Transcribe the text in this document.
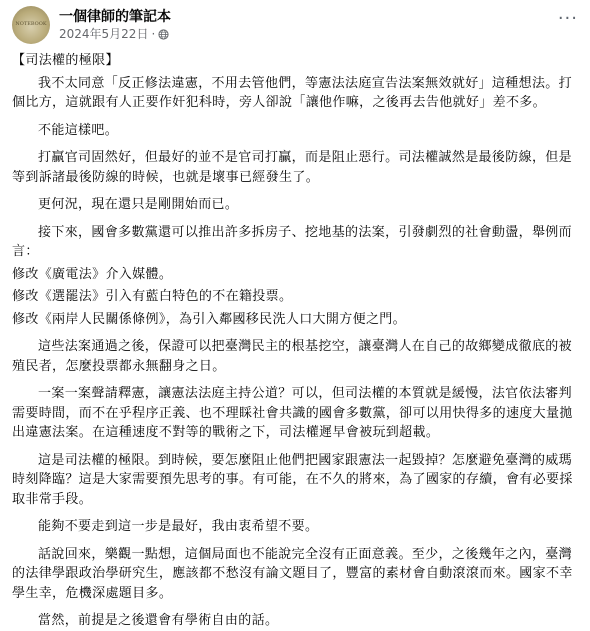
NOTEBOOK 一個律師的筆記本
2024年5月22日 ·
···

【司法權的極限】

我不太同意「反正修法違憲，不用去管他們，等憲法法庭宣告法案無效就好」這種想法。打個比方，這就跟有人正要作奸犯科時，旁人卻說「讓他作嘛，之後再去告他就好」差不多。

不能這樣吧。

打贏官司固然好，但最好的並不是官司打贏，而是阻止惡行。司法權誠然是最後防線，但是等到訴諸最後防線的時候，也就是壞事已經發生了。

更何況，現在還只是剛開始而已。

接下來，國會多數黨還可以推出許多拆房子、挖地基的法案，引發劇烈的社會動盪，舉例而言：

修改《廣電法》介入媒體。

修改《選罷法》引入有藍白特色的不在籍投票。

修改《兩岸人民關係條例》，為引入鄰國移民洗人口大開方便之門。

這些法案通過之後，保證可以把臺灣民主的根基挖空，讓臺灣人在自己的故鄉變成徹底的被殖民者，怎麼投票都永無翻身之日。

一案一案聲請釋憲，讓憲法法庭主持公道？可以，但司法權的本質就是緩慢，法官依法審判需要時間，而不在乎程序正義、也不理睬社會共識的國會多數黨，卻可以用快得多的速度大量拋出違憲法案。在這種速度不對等的戰術之下，司法權遲早會被玩到超載。

這是司法權的極限。到時候，要怎麼阻止他們把國家跟憲法一起毀掉？怎麼避免臺灣的威瑪時刻降臨？這是大家需要預先思考的事。有可能，在不久的將來，為了國家的存續，會有必要採取非常手段。

能夠不要走到這一步是最好，我由衷希望不要。

話說回來，樂觀一點想，這個局面也不能說完全沒有正面意義。至少，之後幾年之內，臺灣的法律學跟政治學研究生，應該都不愁沒有論文題目了，豐富的素材會自動滾滾而來。國家不幸學生幸，危機深處題目多。

當然，前提是之後還會有學術自由的話。
